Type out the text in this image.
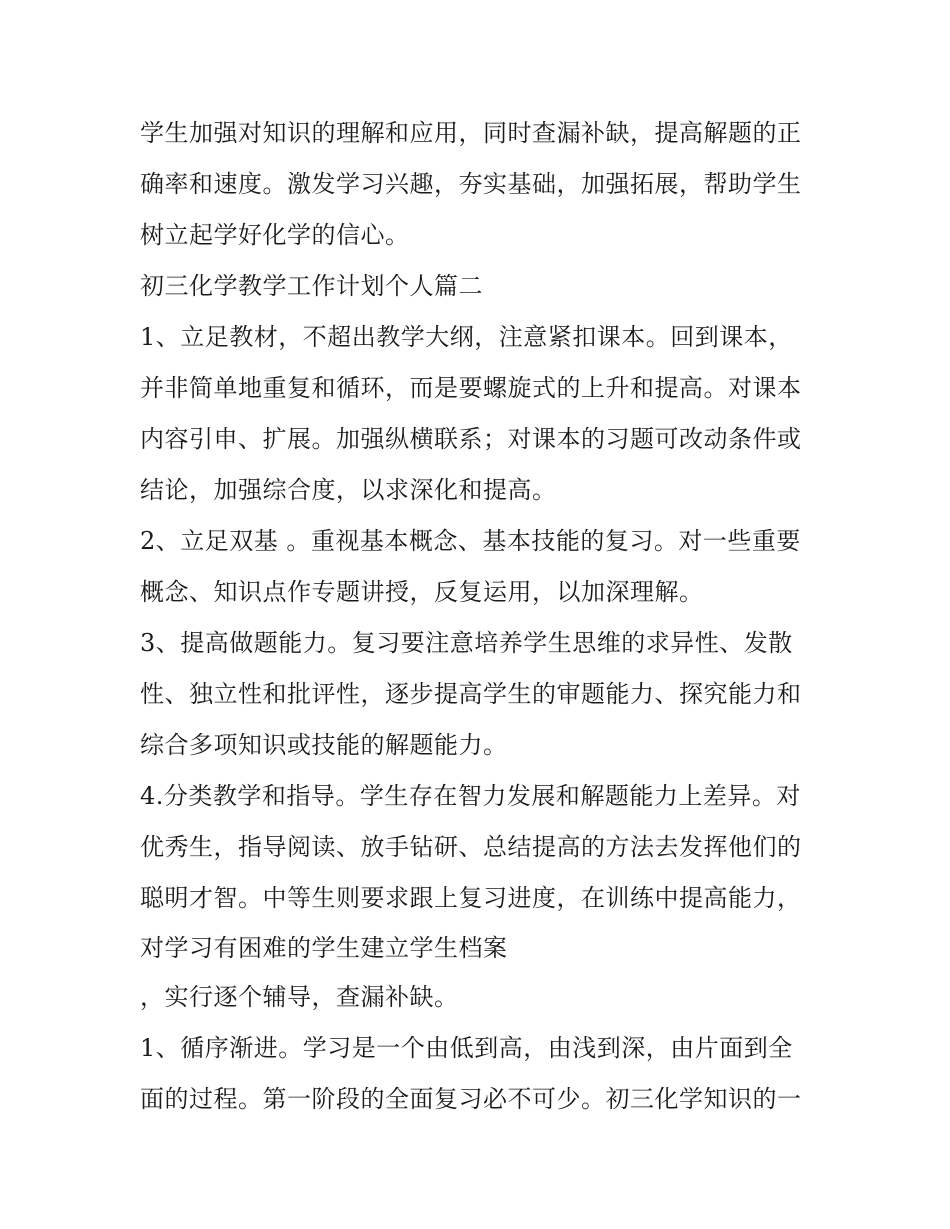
学生加强对知识的理解和应用，同时查漏补缺，提高解题的正
确率和速度。激发学习兴趣，夯实基础，加强拓展，帮助学生
树立起学好化学的信心。
初三化学教学工作计划个人篇二
1、立足教材，不超出教学大纲，注意紧扣课本。回到课本，
并非简单地重复和循环，而是要螺旋式的上升和提高。对课本
内容引申、扩展。加强纵横联系；对课本的习题可改动条件或
结论，加强综合度，以求深化和提高。
2、立足双基 。重视基本概念、基本技能的复习。对一些重要
概念、知识点作专题讲授，反复运用，以加深理解。
3、提高做题能力。复习要注意培养学生思维的求异性、发散
性、独立性和批评性，逐步提高学生的审题能力、探究能力和
综合多项知识或技能的解题能力。
4.分类教学和指导。学生存在智力发展和解题能力上差异。对
优秀生，指导阅读、放手钻研、总结提高的方法去发挥他们的
聪明才智。中等生则要求跟上复习进度，在训练中提高能力，
对学习有困难的学生建立学生档案
，实行逐个辅导，查漏补缺。
1、循序渐进。学习是一个由低到高，由浅到深，由片面到全
面的过程。第一阶段的全面复习必不可少。初三化学知识的一
